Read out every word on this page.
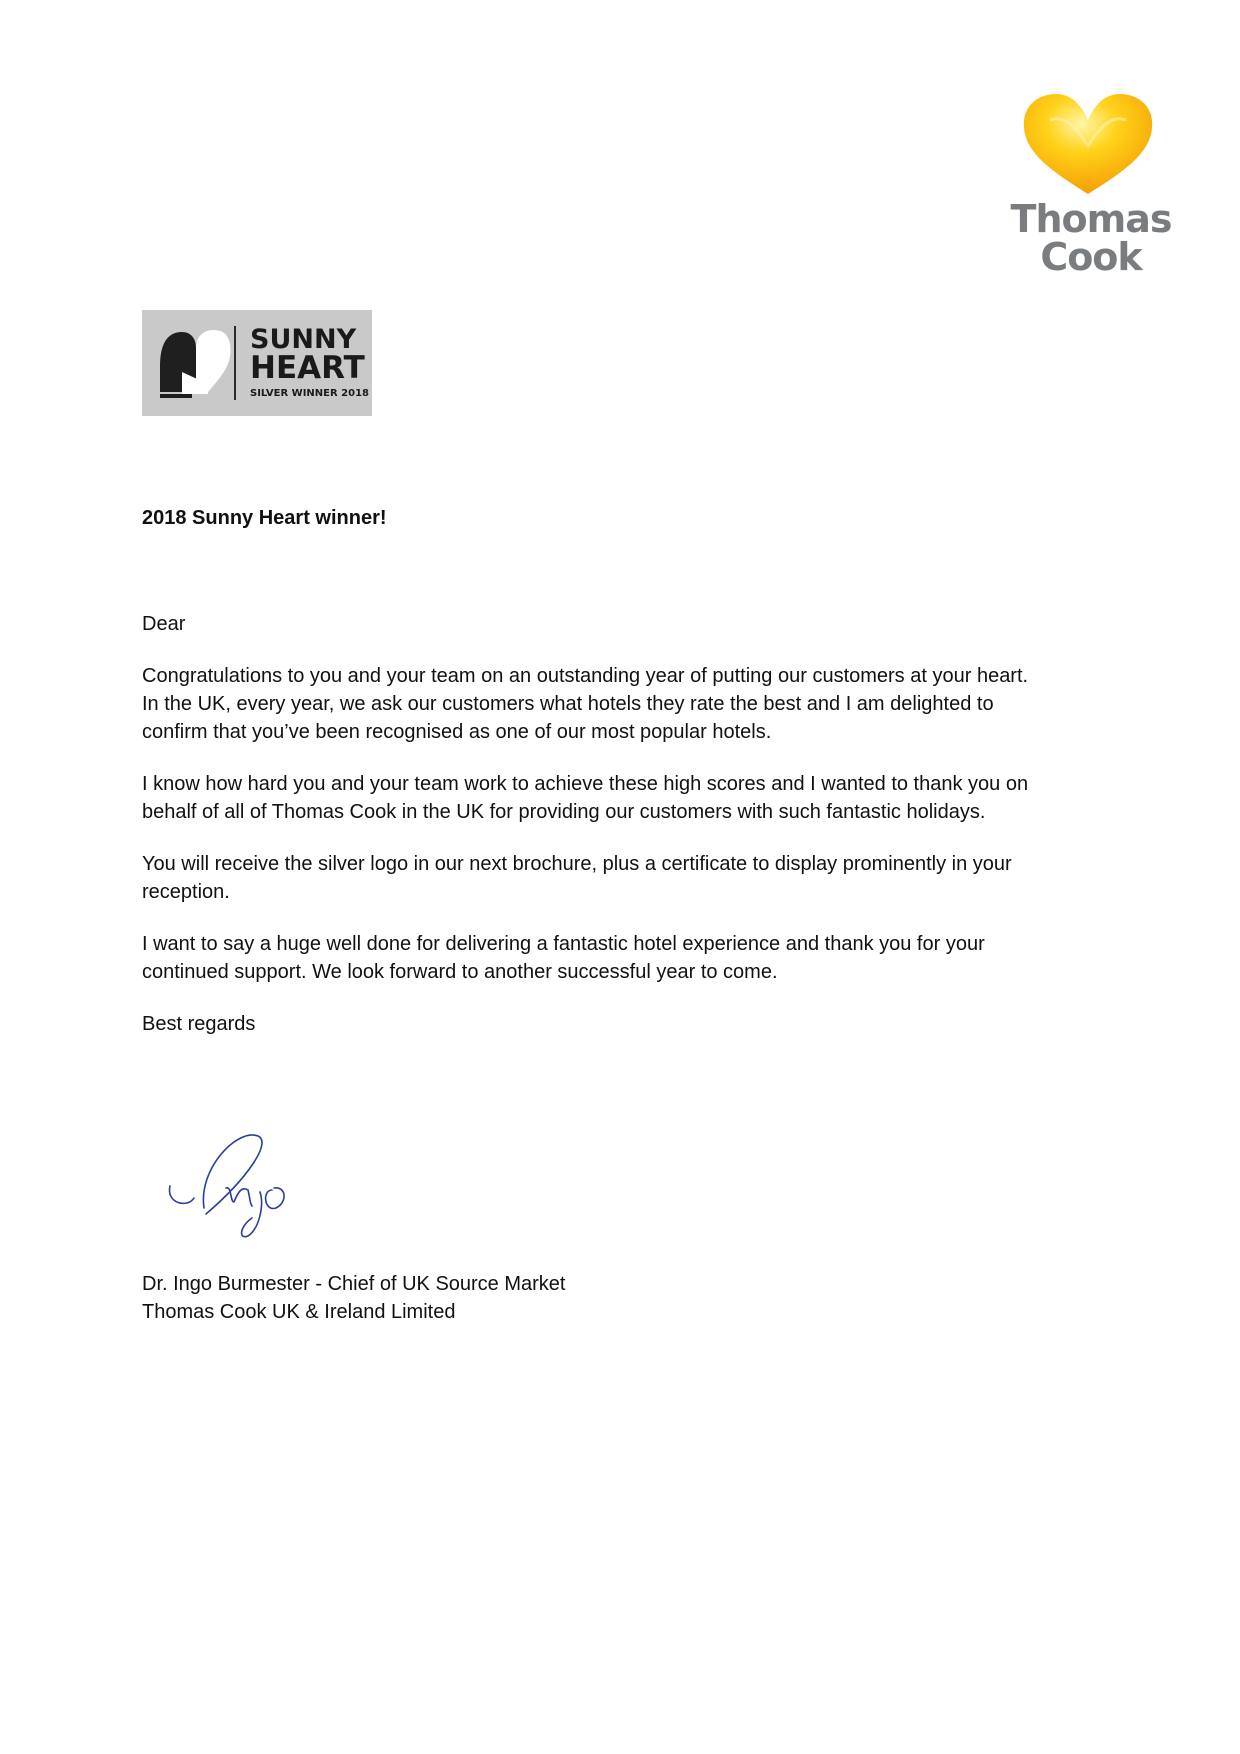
Thomas
Cook
SUNNY
HEART
SILVER WINNER 2018

2018 Sunny Heart winner!

Dear

Congratulations to you and your team on an outstanding year of putting our customers at your heart. In the UK, every year, we ask our customers what hotels they rate the best and I am delighted to confirm that you’ve been recognised as one of our most popular hotels.

I know how hard you and your team work to achieve these high scores and I wanted to thank you on behalf of all of Thomas Cook in the UK for providing our customers with such fantastic holidays.

You will receive the silver logo in our next brochure, plus a certificate to display prominently in your reception.

I want to say a huge well done for delivering a fantastic hotel experience and thank you for your continued support. We look forward to another successful year to come.

Best regards

Dr. Ingo Burmester - Chief of UK Source Market

Thomas Cook UK & Ireland Limited
